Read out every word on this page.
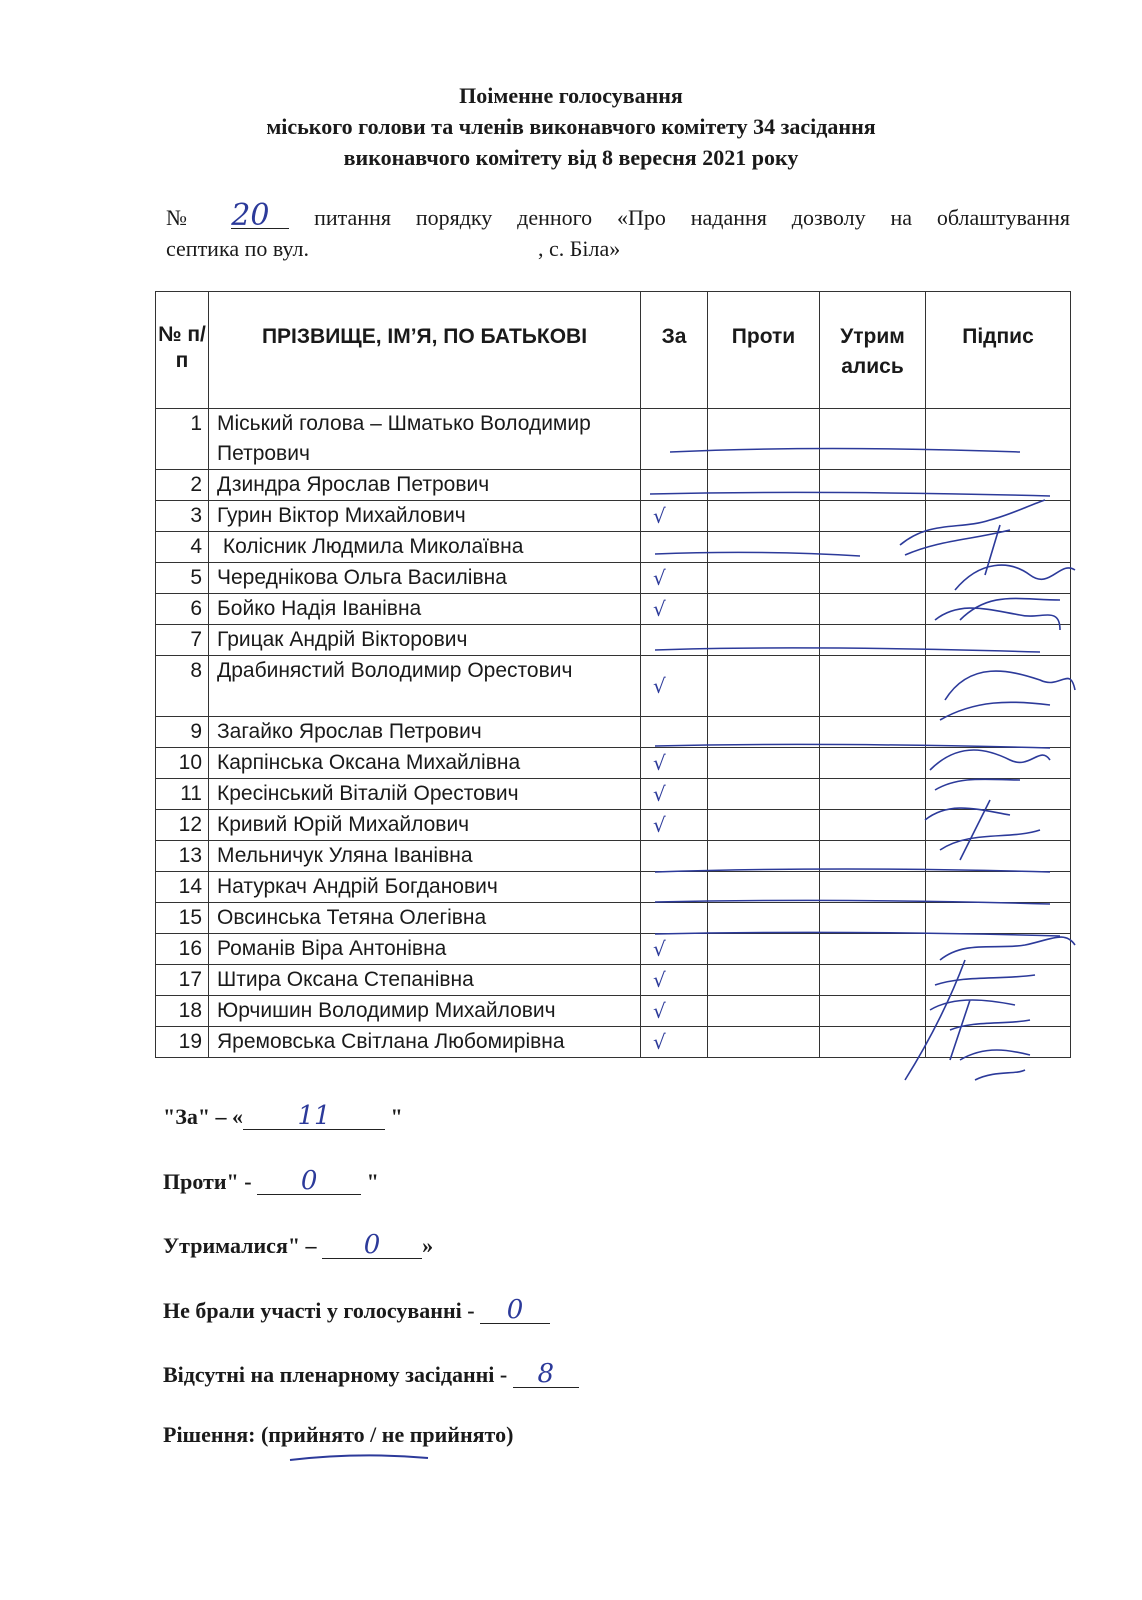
Поіменне голосування
міського голови та членів виконавчого комітету 34 засідання
виконавчого комітету від 8 вересня 2021 року
№ 20 питання порядку денного «Про надання дозволу на облаштування
септика по вул.	, с. Біла»
№ п/п	ПРІЗВИЩЕ, ІМ’Я, ПО БАТЬКОВІ	За	Проти	Утрим ались	Підпис
1	Міський голова – Шматько Володимир Петрович				
2	Дзиндра Ярослав Петрович				
3	Гурин Віктор Михайлович	√			
4	Колісник Людмила Миколаївна				
5	Череднікова Ольга Василівна	√			
6	Бойко Надія Іванівна	√			
7	Грицак Андрій Вікторович				
8	Драбинястий Володимир Орестович	√			
9	Загайко Ярослав Петрович				
10	Карпінська Оксана Михайлівна	√			
11	Кресінський Віталій Орестович	√			
12	Кривий Юрій Михайлович	√			
13	Мельничук Уляна Іванівна				
14	Натуркач Андрій Богданович				
15	Овсинська Тетяна Олегівна				
16	Романів Віра Антонівна	√			
17	Штира Оксана Степанівна	√			
18	Юрчишин Володимир Михайлович	√			
19	Яремовська Світлана Любомирівна	√			
"За" – « 11 "
Проти" - 0 "
Утрималися" – 0 »
Не брали участі у голосуванні - 0
Відсутні на пленарному засіданні - 8
Рішення: (прийнято / не прийнято)
